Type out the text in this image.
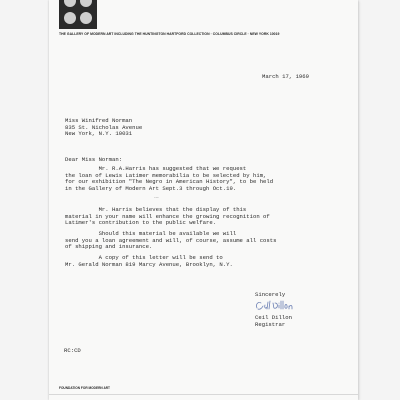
THE GALLERY OF MODERN ART INCLUDING THE HUNTINGTON HARTFORD COLLECTION · COLUMBUS CIRCLE · NEW YORK 10019
March 17, 1969
Miss Winifred Norman
835 St. Nicholas Avenue
New York, N.Y. 10031
Dear Miss Norman:
Mr. R.A.Harris has suggested that we request
the loan of Lewis Latimer memorabilia to be selected by him,
for our exhibition "The Negro in American History", to be held
in the Gallery of Modern Art Sept.3 through Oct.19.
Mr. Harris believes that the display of this
material in your name will enhance the growing recognition of
Latimer's contribution to the public welfare.
Should this material be available we will
send you a loan agreement and will, of course, assume all costs
of shipping and insurance.
A copy of this letter will be send to
Mr. Gerald Norman 819 Marcy Avenue, Brooklyn, N.Y.
Sincerely
Ceil Dillon
Ceil Dillon
Registrar
RC:CD
FOUNDATION FOR MODERN ART
